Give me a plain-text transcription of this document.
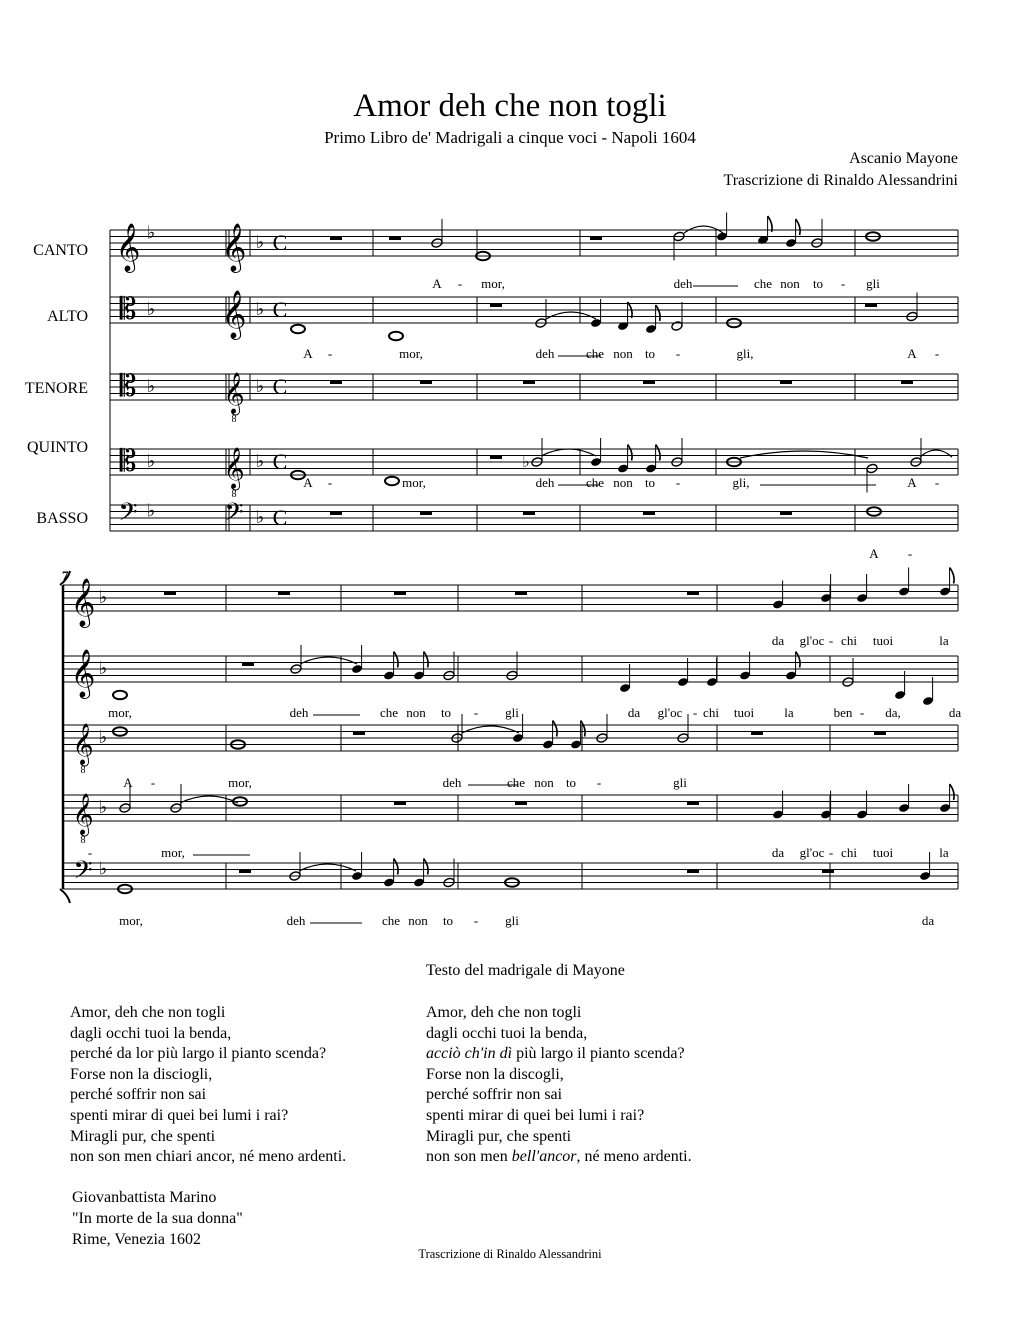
Amor deh che non togli
Primo Libro de' Madrigali a cinque voci - Napoli 1604
Ascanio Mayone
Trascrizione di Rinaldo Alessandrini
CANTO
ALTO
TENORE
QUINTO
BASSO
7
𝄞 ♭ 𝄞 ♭ C
𝄡 ♭ 𝄞 ♭ C
𝄡 ♭ 𝄞
8
♭ C
𝄡 ♭ 𝄞
8
♭ C
𝄢 ♭ 𝄢 ♭ C
A - mor,	deh	che non to - gli
A -	mor,	deh che non to -	gli,	A -
♭
A -	mor,	deh che non to -	gli,	A -
A -
𝄞 ♭
𝄞 ♭
𝄞
8
♭
𝄞
8
♭
𝄢 ♭
da gl'oc - chi tuoi	la
mor,	deh	che non to - gli	da gl'oc - chi tuoi la	ben - da,	da
A -	mor,	deh	che non to -	gli
-	mor,	da gl'oc - chi tuoi	la
mor,	deh	che non to - gli	da
Testo del madrigale di Mayone
Amor, deh che non togli
dagli occhi tuoi la benda,
perché da lor più largo il pianto scenda?
Forse non la disciogli,
perché soffrir non sai
spenti mirar di quei bei lumi i rai?
Miragli pur, che spenti
non son men chiari ancor, né meno ardenti.
Amor, deh che non togli
dagli occhi tuoi la benda,
acciò ch'in dì più largo il pianto scenda?
Forse non la discogli,
perché soffrir non sai
spenti mirar di quei bei lumi i rai?
Miragli pur, che spenti
non son men bell'ancor, né meno ardenti.
Giovanbattista Marino
"In morte de la sua donna"
Rime, Venezia 1602
Trascrizione di Rinaldo Alessandrini
